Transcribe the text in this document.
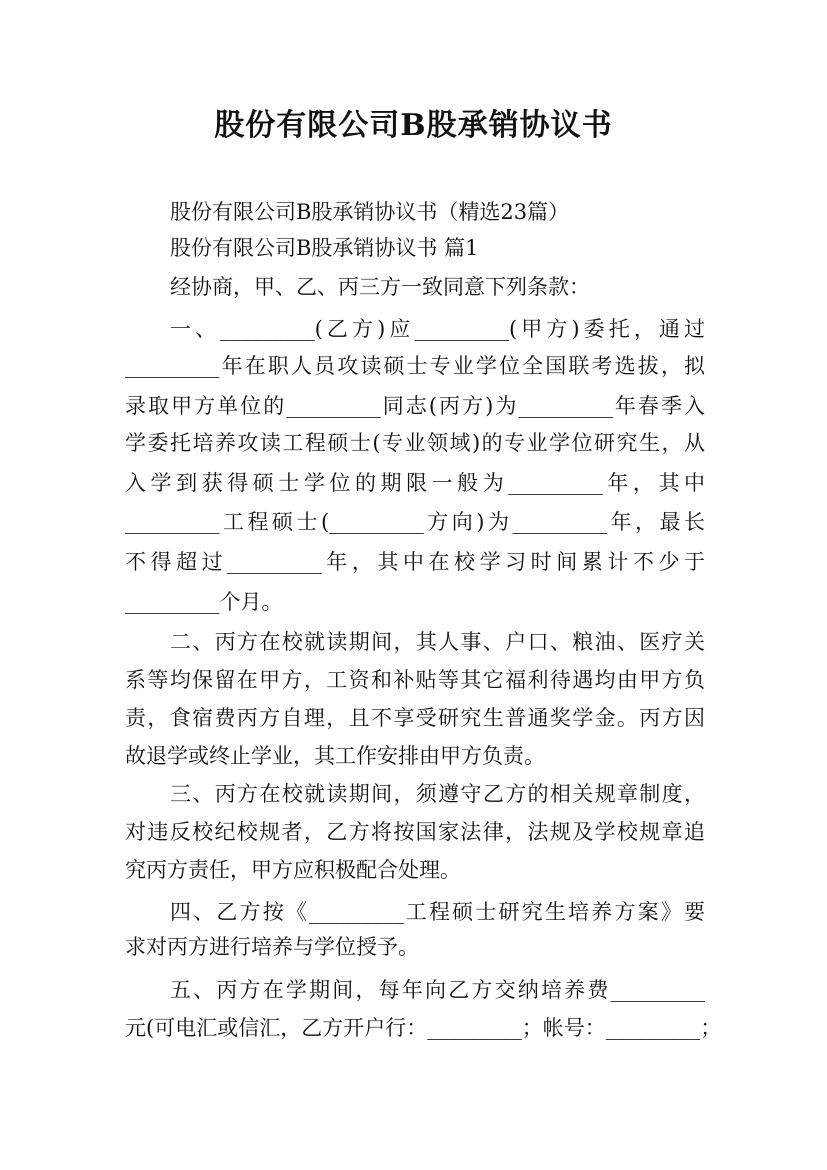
股份有限公司B股承销协议书
股份有限公司B股承销协议书（精选23篇）
股份有限公司B股承销协议书 篇1
经协商，甲、乙、丙三方一致同意下列条款：
一、_________(乙方)应_________(甲方)委托，通过
_________年在职人员攻读硕士专业学位全国联考选拔，拟
录取甲方单位的_________同志(丙方)为_________年春季入
学委托培养攻读工程硕士(专业领域)的专业学位研究生，从
入学到获得硕士学位的期限一般为_________年，其中
_________工程硕士(_________方向)为_________年，最长
不得超过_________年，其中在校学习时间累计不少于
_________个月。
二、丙方在校就读期间，其人事、户口、粮油、医疗关
系等均保留在甲方，工资和补贴等其它福利待遇均由甲方负
责，食宿费丙方自理，且不享受研究生普通奖学金。丙方因
故退学或终止学业，其工作安排由甲方负责。
三、丙方在校就读期间，须遵守乙方的相关规章制度，
对违反校纪校规者，乙方将按国家法律，法规及学校规章追
究丙方责任，甲方应积极配合处理。
四、乙方按《_________工程硕士研究生培养方案》要
求对丙方进行培养与学位授予。
五、丙方在学期间，每年向乙方交纳培养费_________
元(可电汇或信汇，乙方开户行：_________；帐号：_________；
